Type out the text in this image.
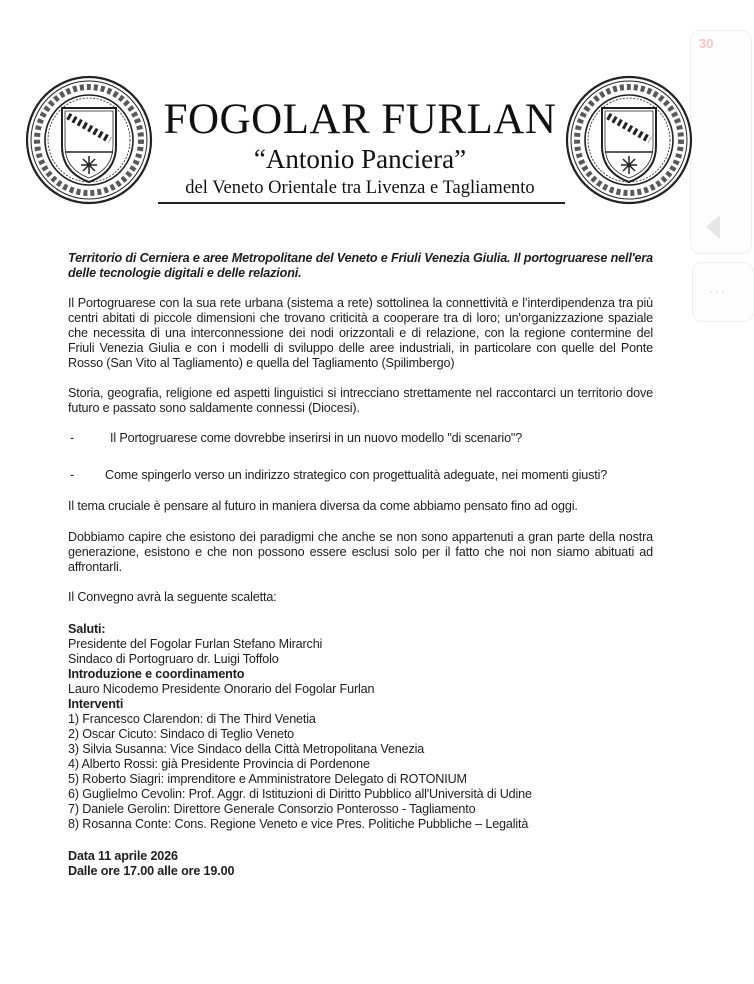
30
···
FOGOLAR FURLAN
“Antonio Panciera”
del Veneto Orientale tra Livenza e Tagliamento

Territorio di Cerniera e aree Metropolitane del Veneto e Friuli Venezia Giulia. Il portogruarese nell'era delle tecnologie digitali e delle relazioni.

Il Portogruarese con la sua rete urbana (sistema a rete) sottolinea la connettività e l’interdipendenza tra più centri abitati di piccole dimensioni che trovano criticità a cooperare tra di loro; un'organizzazione spaziale che necessita di una interconnessione dei nodi orizzontali e di relazione, con la regione contermine del Friuli Venezia Giulia e con i modelli di sviluppo delle aree industriali, in particolare con quelle del Ponte Rosso (San Vito al Tagliamento) e quella del Tagliamento (Spilimbergo)

Storia, geografia, religione ed aspetti linguistici si intrecciano strettamente nel raccontarci un territorio dove futuro e passato sono saldamente connessi (Diocesi).

-	Il Portogruarese come dovrebbe inserirsi in un nuovo modello "di scenario"?
-	Come spingerlo verso un indirizzo strategico con progettualità adeguate, nei momenti giusti?

Il tema cruciale è pensare al futuro in maniera diversa da come abbiamo pensato fino ad oggi.

Dobbiamo capire che esistono dei paradigmi che anche se non sono appartenuti a gran parte della nostra generazione, esistono e che non possono essere esclusi solo per il fatto che noi non siamo abituati ad affrontarli.

Il Convegno avrà la seguente scaletta:

Saluti:

Presidente del Fogolar Furlan Stefano Mirarchi

Sindaco di Portogruaro dr. Luigi Toffolo

Introduzione e coordinamento

Lauro Nicodemo Presidente Onorario del Fogolar Furlan

Interventi

1) Francesco Clarendon: di The Third Venetia

2) Oscar Cicuto: Sindaco di Teglio Veneto

3) Silvia Susanna: Vice Sindaco della Città Metropolitana Venezia

4) Alberto Rossi: già Presidente Provincia di Pordenone

5) Roberto Siagri: imprenditore e Amministratore Delegato di ROTONIUM

6) Guglielmo Cevolin: Prof. Aggr. di Istituzioni di Diritto Pubblico all'Università di Udine

7) Daniele Gerolin: Direttore Generale Consorzio Ponterosso - Tagliamento

8) Rosanna Conte: Cons. Regione Veneto e vice Pres. Politiche Pubbliche – Legalità

Data 11 aprile 2026

Dalle ore 17.00 alle ore 19.00
